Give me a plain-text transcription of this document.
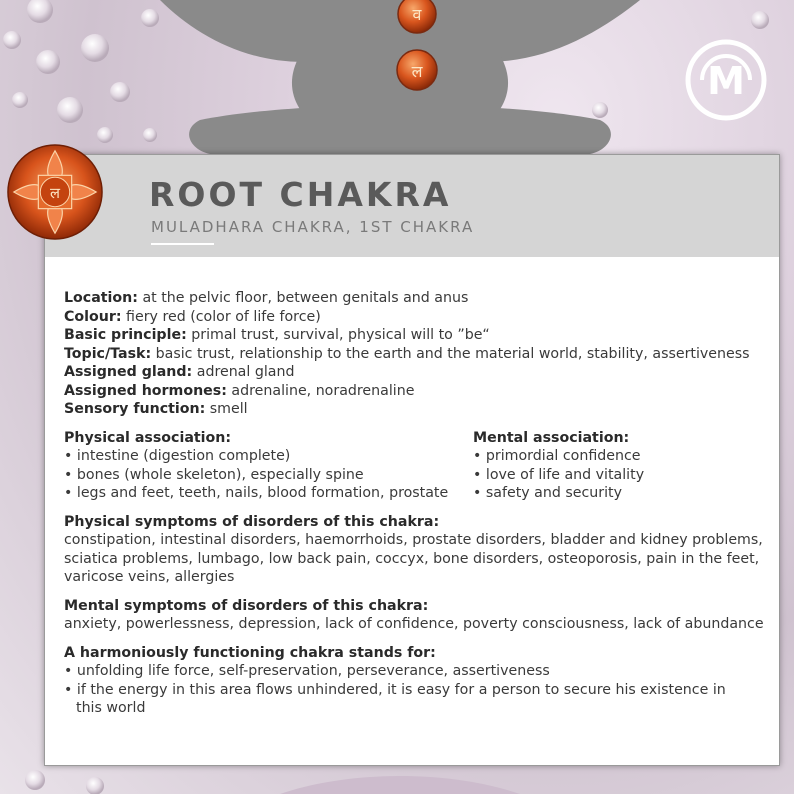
व
ल	M
ROOT CHAKRA

MULADHARA CHAKRA, 1ST CHAKRA

Location: at the pelvic floor, between genitals and anus

Colour: fiery red (color of life force)

Basic principle: primal trust, survival, physical will to ”be“

Topic/Task: basic trust, relationship to the earth and the material world, stability, assertiveness

Assigned gland: adrenal gland

Assigned hormones: adrenaline, noradrenaline

Sensory function: smell

Physical association:

• intestine (digestion complete)
• bones (whole skeleton), especially spine
• legs and feet, teeth, nails, blood formation, prostate

Mental association:

• primordial confidence
• love of life and vitality
• safety and security

Physical symptoms of disorders of this chakra:

constipation, intestinal disorders, haemorrhoids, prostate disorders, bladder and kidney problems, sciatica problems, lumbago, low back pain, coccyx, bone disorders, osteoporosis, pain in the feet, varicose veins, allergies

Mental symptoms of disorders of this chakra:

anxiety, powerlessness, depression, lack of confidence, poverty consciousness, lack of abundance

A harmoniously functioning chakra stands for:

• unfolding life force, self-preservation, perseverance, assertiveness
• if the energy in this area flows unhindered, it is easy for a person to secure his existence in this world
ल
